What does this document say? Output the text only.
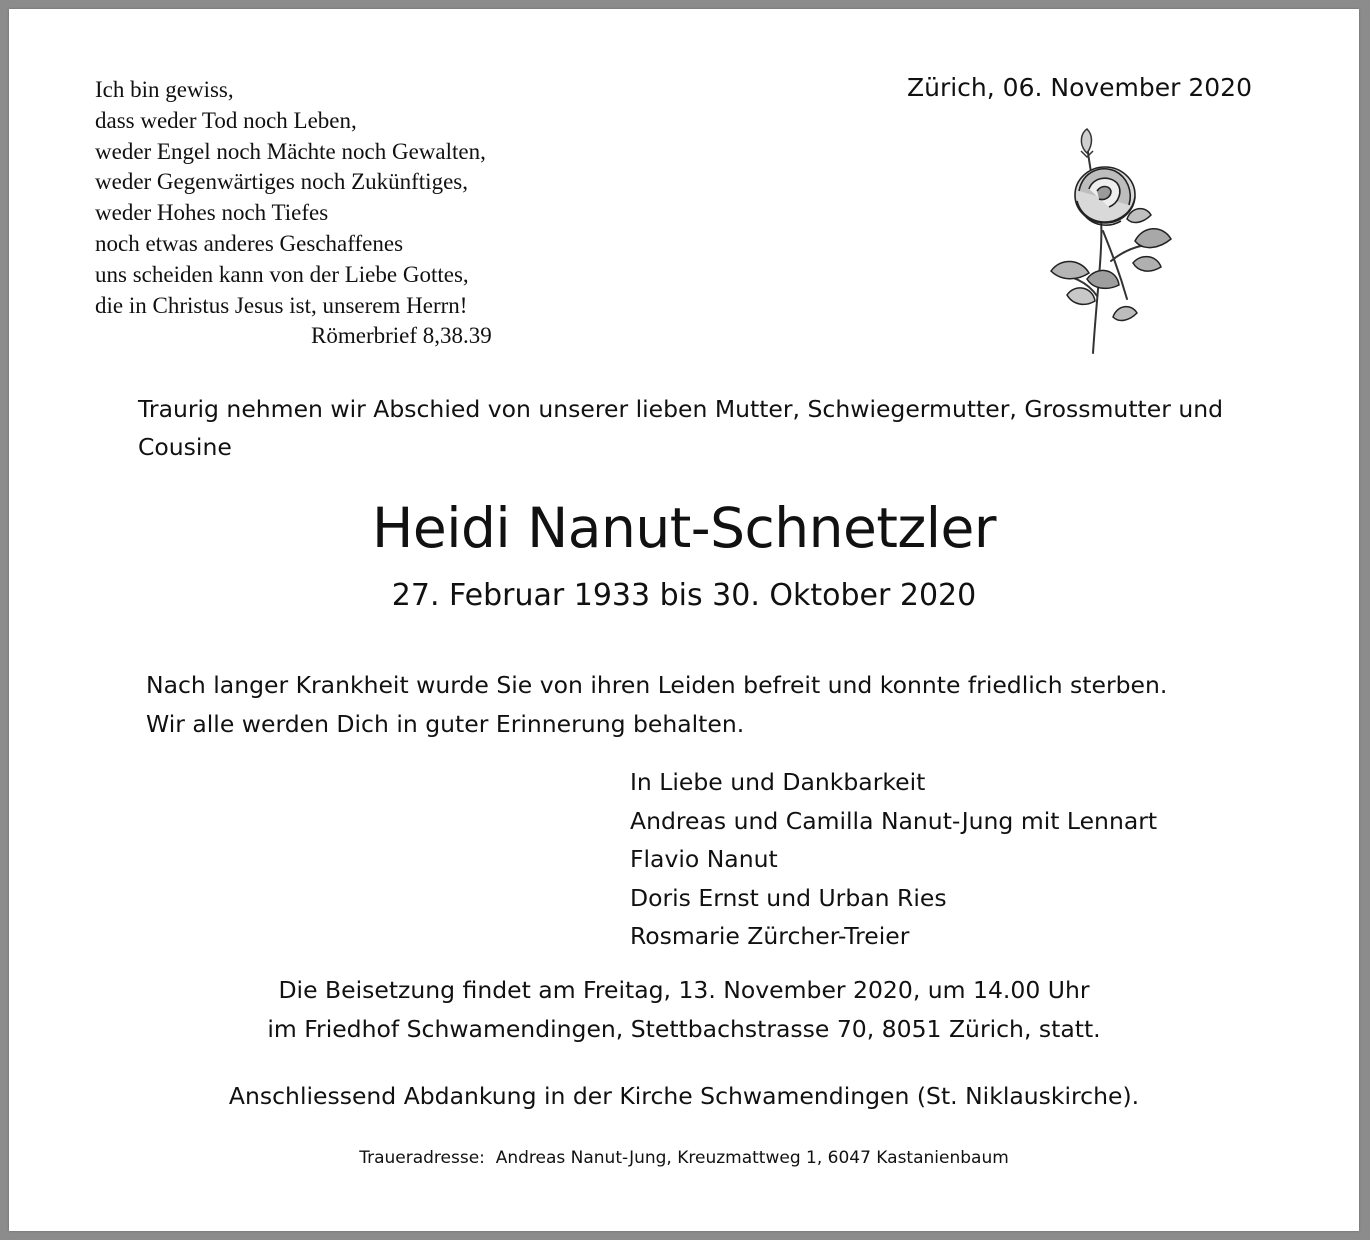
Ich bin gewiss,
dass weder Tod noch Leben,
weder Engel noch Mächte noch Gewalten,
weder Gegenwärtiges noch Zukünftiges,
weder Hohes noch Tiefes
noch etwas anderes Geschaffenes
uns scheiden kann von der Liebe Gottes,
die in Christus Jesus ist, unserem Herrn!
Römerbrief 8,38.39
Zürich, 06. November 2020
Traurig nehmen wir Abschied von unserer lieben Mutter, Schwiegermutter, Grossmutter und Cousine
Heidi Nanut-Schnetzler
27. Februar 1933 bis 30. Oktober 2020
Nach langer Krankheit wurde Sie von ihren Leiden befreit und konnte friedlich sterben.
Wir alle werden Dich in guter Erinnerung behalten.
In Liebe und Dankbarkeit
Andreas und Camilla Nanut-Jung mit Lennart
Flavio Nanut
Doris Ernst und Urban Ries
Rosmarie Zürcher-Treier
Die Beisetzung findet am Freitag, 13. November 2020, um 14.00 Uhr
im Friedhof Schwamendingen, Stettbachstrasse 70, 8051 Zürich, statt.
Anschliessend Abdankung in der Kirche Schwamendingen (St. Niklauskirche).
Traueradresse:  Andreas Nanut-Jung, Kreuzmattweg 1, 6047 Kastanienbaum
